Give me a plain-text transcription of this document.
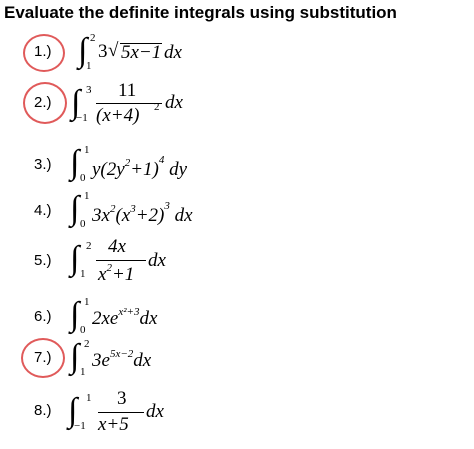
Evaluate the definite integrals using substitution
1.) ∫ 2
1
3 √ 5x−1 dx
2.) ∫ 3
−1
11
(x+4) 2 dx
3.) ∫ 1
0 $y(2y^2+1)^4$ dy
4.) ∫ 1
0 $3x^2(x^3+2)^3$ dx
5.) ∫ 2
1
4x
$x^2+1$
dx
6.) ∫ 1
0
$2xe^{x^2+3}dx$
7.) ∫ 2
1
$3e^{5x-2}dx$
8.) ∫ 1
−1
3
x+5
dx
